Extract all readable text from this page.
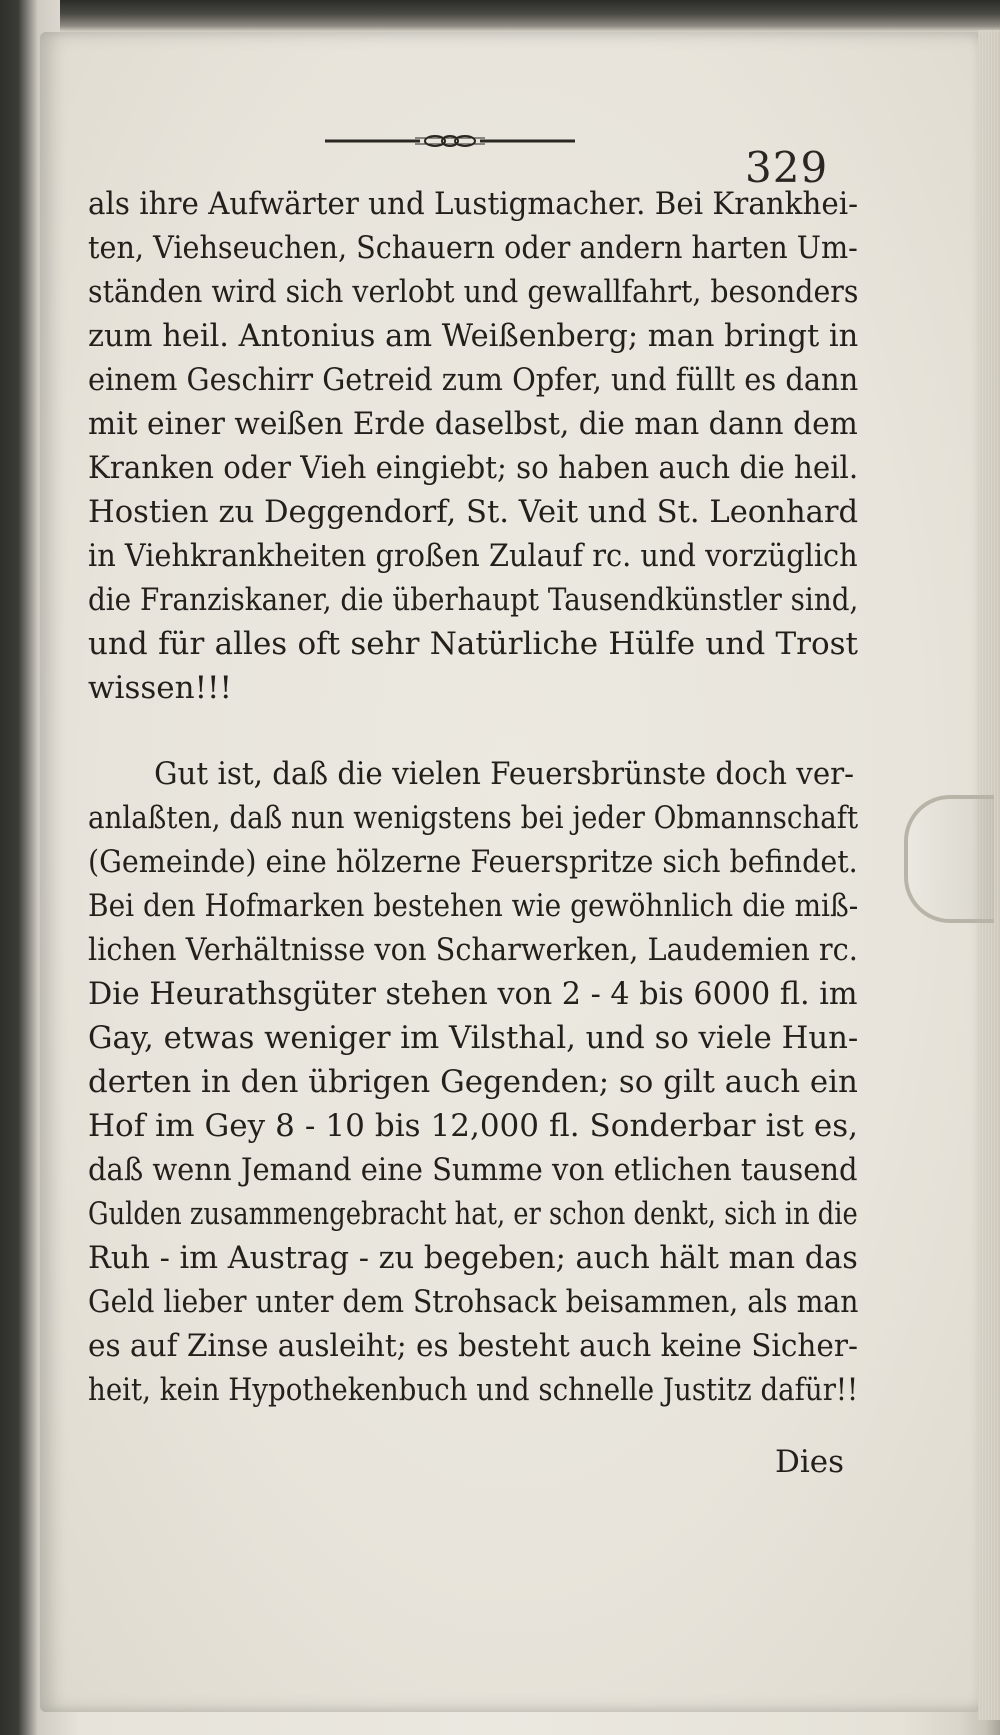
329
als ihre Aufwärter und Lustigmacher. Bei Krankhei-
ten, Viehseuchen, Schauern oder andern harten Um-
ständen wird sich verlobt und gewallfahrt, besonders
zum heil. Antonius am Weißenberg; man bringt in
einem Geschirr Getreid zum Opfer, und füllt es dann
mit einer weißen Erde daselbst, die man dann dem
Kranken oder Vieh eingiebt; so haben auch die heil.
Hostien zu Deggendorf, St. Veit und St. Leonhard
in Viehkrankheiten großen Zulauf rc. und vorzüglich
die Franziskaner, die überhaupt Tausendkünstler sind,
und für alles oft sehr Natürliche Hülfe und Trost
wissen!!!
Gut ist, daß die vielen Feuersbrünste doch ver-
anlaßten, daß nun wenigstens bei jeder Obmannschaft
(Gemeinde) eine hölzerne Feuerspritze sich befindet.
Bei den Hofmarken bestehen wie gewöhnlich die miß-
lichen Verhältnisse von Scharwerken, Laudemien rc.
Die Heurathsgüter stehen von 2 - 4 bis 6000 fl. im
Gay, etwas weniger im Vilsthal, und so viele Hun-
derten in den übrigen Gegenden; so gilt auch ein
Hof im Gey 8 - 10 bis 12,000 fl. Sonderbar ist es,
daß wenn Jemand eine Summe von etlichen tausend
Gulden zusammengebracht hat, er schon denkt, sich in die
Ruh - im Austrag - zu begeben; auch hält man das
Geld lieber unter dem Strohsack beisammen, als man
es auf Zinse ausleiht; es besteht auch keine Sicher-
heit, kein Hypothekenbuch und schnelle Justitz dafür!!
Dies
